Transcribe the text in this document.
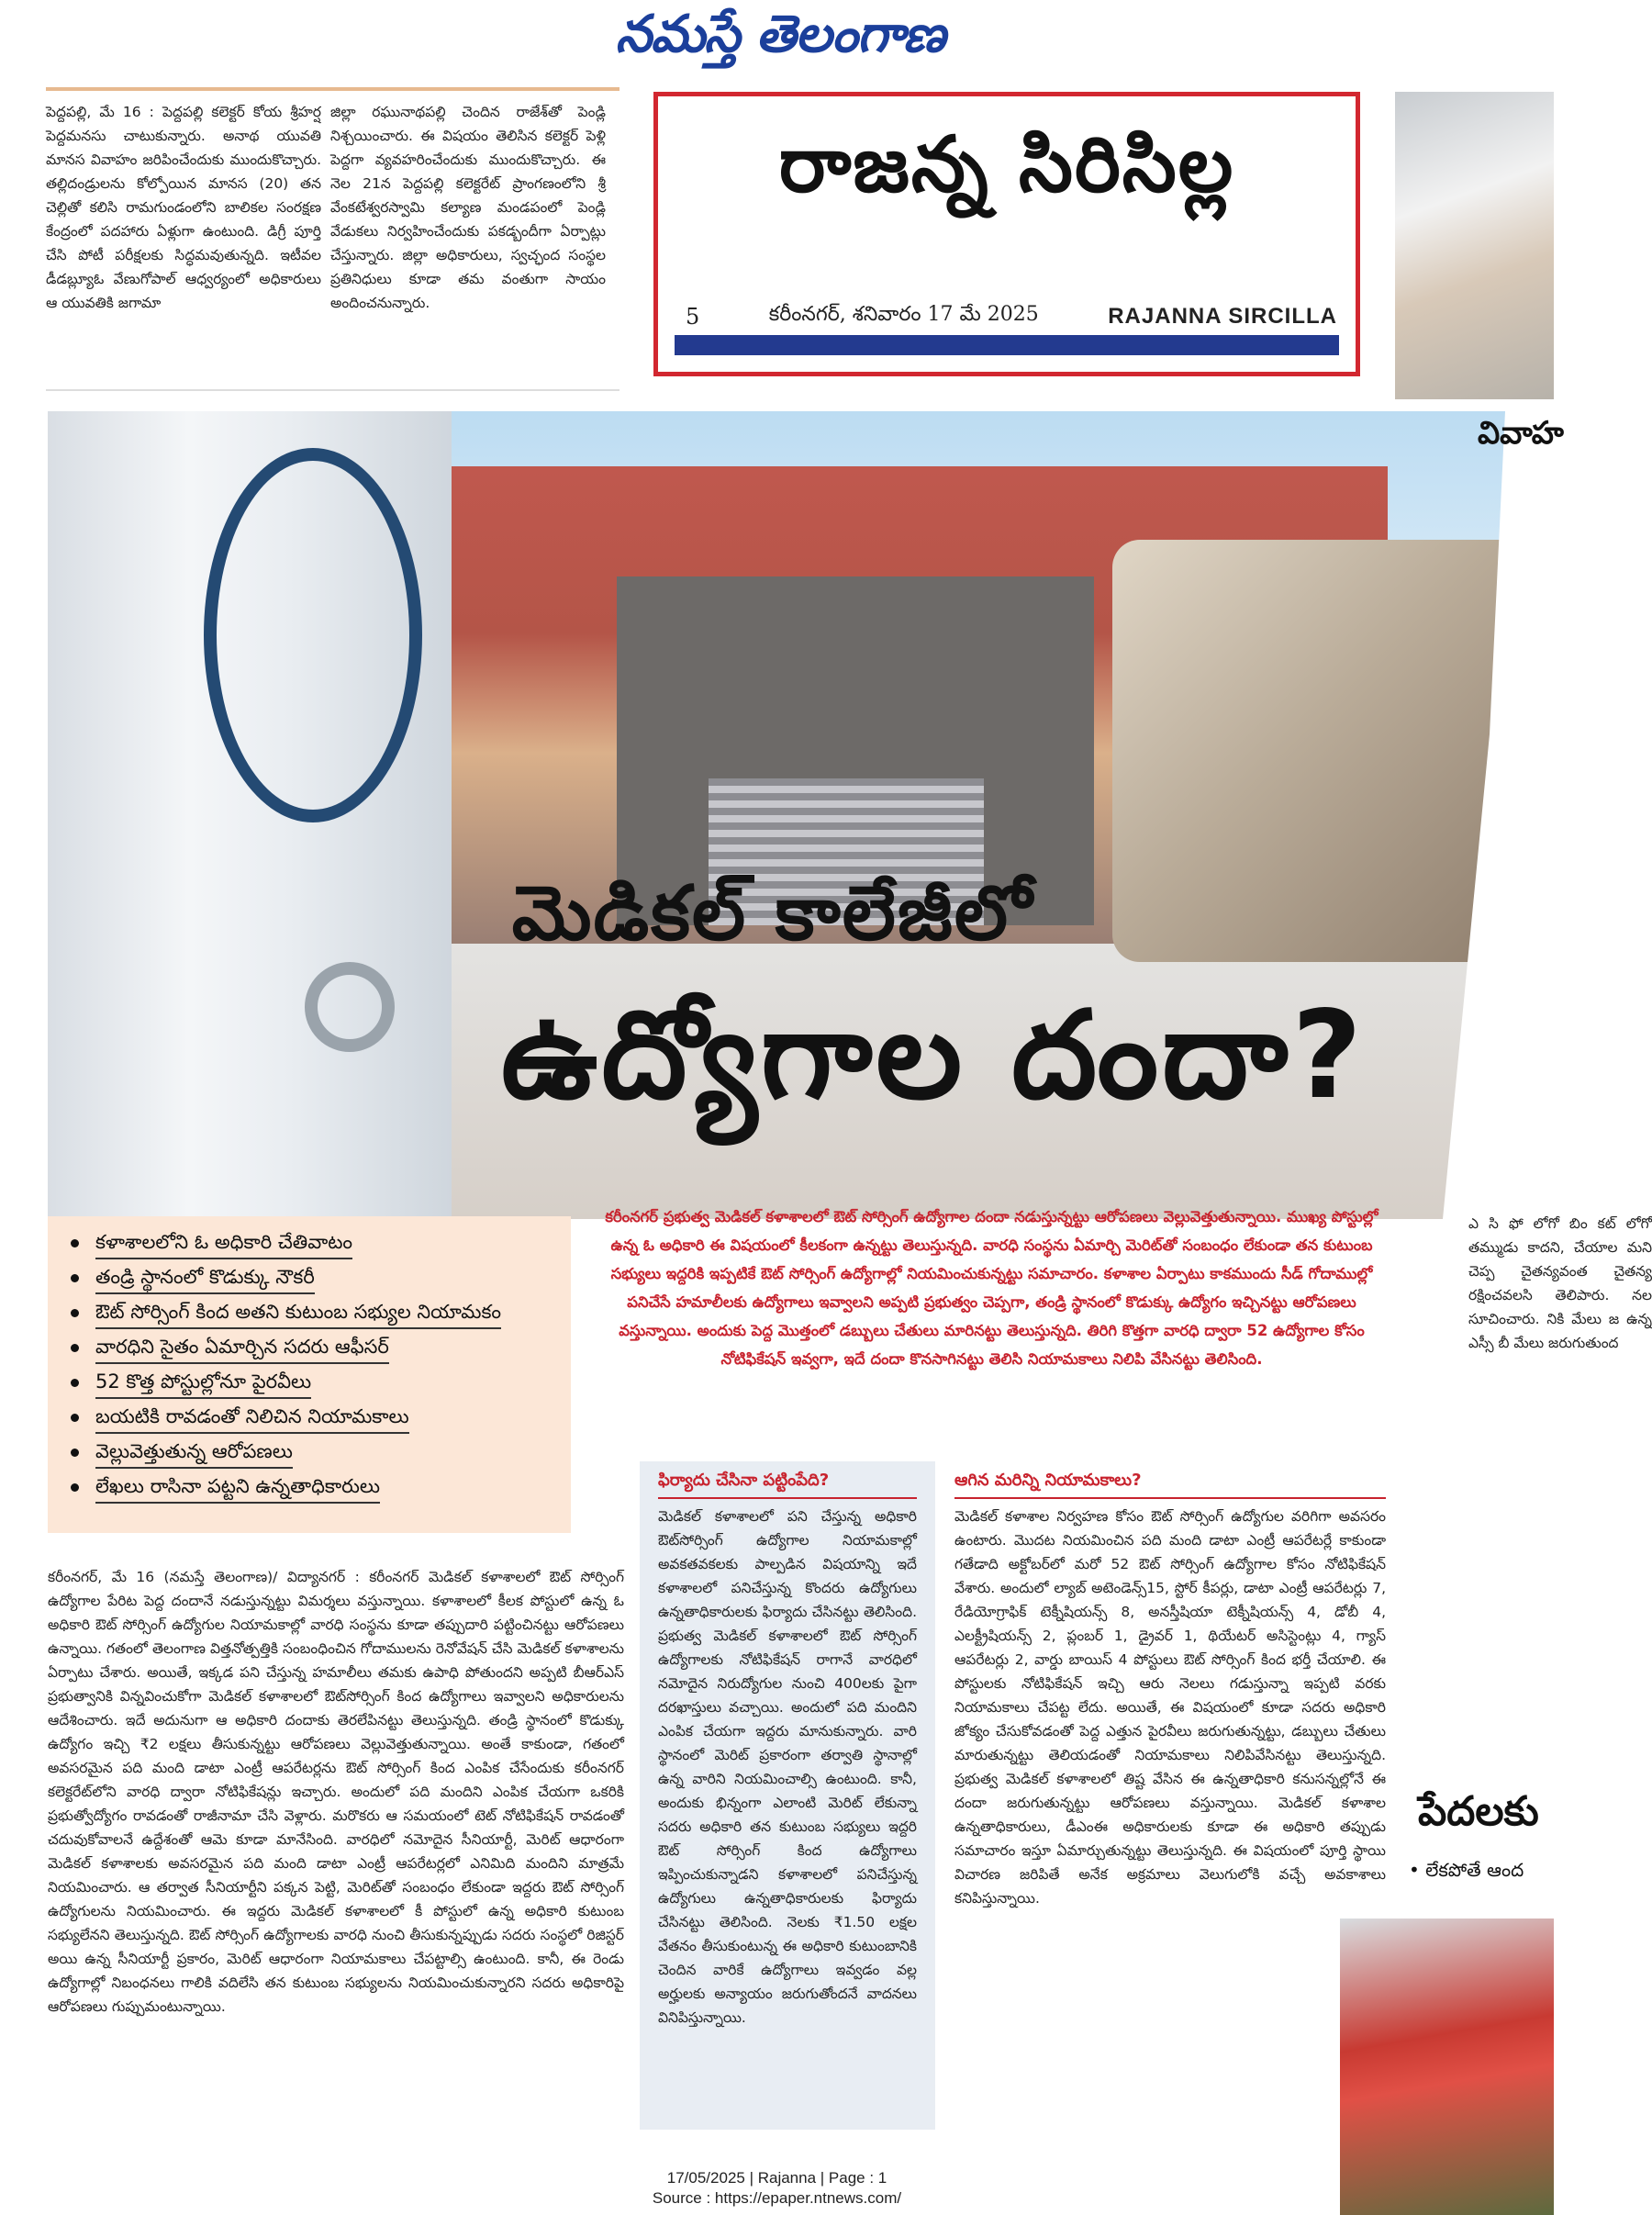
నమస్తే తెలంగాణ
పెద్దపల్లి, మే 16 : పెద్దపల్లి కలెక్టర్ కోయ శ్రీహర్ష పెద్దమనసు చాటుకున్నారు. అనాథ యువతి మానస వివాహం జరిపించేందుకు ముందుకొచ్చారు. తల్లిదండ్రులను కోల్పోయిన మానస (20) తన చెల్లితో కలిసి రామగుండంలోని బాలికల సంరక్షణ కేంద్రంలో పదహారు ఏళ్లుగా ఉంటుంది. డిగ్రీ పూర్తి చేసి పోటీ పరీక్షలకు సిద్ధమవుతున్నది. ఇటీవల డీడబ్ల్యూఓ వేణుగోపాల్ ఆధ్వర్యంలో అధికారులు ఆ యువతికి జగామా
జిల్లా రఘునాథపల్లి చెందిన రాజేశ్‌తో పెండ్లి నిశ్చయించారు. ఈ విషయం తెలిసిన కలెక్టర్ పెళ్లి పెద్దగా వ్యవహరించేందుకు ముందుకొచ్చారు. ఈ నెల 21న పెద్దపల్లి కలెక్టరేట్ ప్రాంగణంలోని శ్రీ వేంకటేశ్వరస్వామి కల్యాణ మండపంలో పెండ్లి వేడుకలు నిర్వహించేందుకు పకడ్బందీగా ఏర్పాట్లు చేస్తున్నారు. జిల్లా అధికారులు, స్వచ్ఛంద సంస్థల ప్రతినిధులు కూడా తమ వంతుగా సాయం అందించనున్నారు.
రాజన్న సిరిసిల్ల
5	కరీంనగర్, శనివారం 17 మే 2025	RAJANNA SIRCILLA
మెడికల్ కాలేజీలో
ఉద్యోగాల దందా?
వివాహ
కళాశాలలోని ఓ అధికారి చేతివాటం
తండ్రి స్థానంలో కొడుక్కు నౌకరీ
ఔట్ సోర్సింగ్ కింద అతని కుటుంబ సభ్యుల నియామకం
వారధిని సైతం ఏమార్చిన సదరు ఆఫీసర్
52 కొత్త పోస్టుల్లోనూ పైరవీలు
బయటికి రావడంతో నిలిచిన నియామకాలు
వెల్లువెత్తుతున్న ఆరోపణలు
లేఖలు రాసినా పట్టని ఉన్నతాధికారులు
కరీంనగర్ ప్రభుత్వ మెడికల్ కళాశాలలో ఔట్ సోర్సింగ్ ఉద్యోగాల దందా నడుస్తున్నట్టు ఆరోపణలు వెల్లువెత్తుతున్నాయి. ముఖ్య పోస్టుల్లో ఉన్న ఓ అధికారి ఈ విషయంలో కీలకంగా ఉన్నట్టు తెలుస్తున్నది. వారధి సంస్థను ఏమార్చి మెరిట్‌తో సంబంధం లేకుండా తన కుటుంబ సభ్యులు ఇద్దరికి ఇప్పటికే ఔట్ సోర్సింగ్ ఉద్యోగాల్లో నియమించుకున్నట్టు సమాచారం. కళాశాల ఏర్పాటు కాకముందు సీడ్ గోదాముల్లో పనిచేసే హమాలీలకు ఉద్యోగాలు ఇవ్వాలని అప్పటి ప్రభుత్వం చెప్పగా, తండ్రి స్థానంలో కొడుక్కు ఉద్యోగం ఇచ్చినట్టు ఆరోపణలు వస్తున్నాయి. అందుకు పెద్ద మొత్తంలో డబ్బులు చేతులు మారినట్టు తెలుస్తున్నది. తిరిగి కొత్తగా వారధి ద్వారా 52 ఉద్యోగాల కోసం నోటిఫికేషన్ ఇవ్వగా, ఇదే దందా కొనసాగినట్టు తెలిసి నియామకాలు నిలిపి వేసినట్టు తెలిసింది.
కరీంనగర్, మే 16 (నమస్తే తెలంగాణ)/ విద్యానగర్ : కరీంనగర్ మెడికల్ కళాశాలలో ఔట్ సోర్సింగ్ ఉద్యోగాల పేరిట పెద్ద దందానే నడుస్తున్నట్టు విమర్శలు వస్తున్నాయి. కళాశాలలో కీలక పోస్టులో ఉన్న ఓ అధికారి ఔట్ సోర్సింగ్ ఉద్యోగుల నియామకాల్లో వారధి సంస్థను కూడా తప్పుదారి పట్టించినట్టు ఆరోపణలు ఉన్నాయి. గతంలో తెలంగాణ విత్తనోత్పత్తికి సంబంధించిన గోదాములను రెనోవేషన్ చేసి మెడికల్ కళాశాలను ఏర్పాటు చేశారు. అయితే, ఇక్కడ పని చేస్తున్న హమాలీలు తమకు ఉపాధి పోతుందని అప్పటి బీఆర్ఎస్ ప్రభుత్వానికి విన్నవించుకోగా మెడికల్ కళాశాలలో ఔట్‌సోర్సింగ్ కింద ఉద్యోగాలు ఇవ్వాలని అధికారులను ఆదేశించారు. ఇదే అదునుగా ఆ అధికారి దందాకు తెరలేపినట్టు తెలుస్తున్నది. తండ్రి స్థానంలో కొడుక్కు ఉద్యోగం ఇచ్చి ₹2 లక్షలు తీసుకున్నట్టు ఆరోపణలు వెల్లువెత్తుతున్నాయి. అంతే కాకుండా, గతంలో అవసరమైన పది మంది డాటా ఎంట్రీ ఆపరేటర్లను ఔట్ సోర్సింగ్ కింద ఎంపిక చేసేందుకు కరీంనగర్ కలెక్టరేట్‌లోని వారధి ద్వారా నోటిఫికేషన్లు ఇచ్చారు. అందులో పది మందిని ఎంపిక చేయగా ఒకరికి ప్రభుత్వోద్యోగం రావడంతో రాజీనామా చేసి వెళ్లారు. మరొకరు ఆ సమయంలో టెట్ నోటిఫికేషన్ రావడంతో చదువుకోవాలనే ఉద్దేశంతో ఆమె కూడా మానేసింది. వారధిలో నమోదైన సీనియార్టీ, మెరిట్ ఆధారంగా మెడికల్ కళాశాలకు అవసరమైన పది మంది డాటా ఎంట్రీ ఆపరేటర్లలో ఎనిమిది మందిని మాత్రమే నియమించారు. ఆ తర్వాత సీనియార్టీని పక్కన పెట్టి, మెరిట్‌తో సంబంధం లేకుండా ఇద్దరు ఔట్ సోర్సింగ్ ఉద్యోగులను నియమించారు. ఈ ఇద్దరు మెడికల్ కళాశాలలో కీ పోస్టులో ఉన్న అధికారి కుటుంబ సభ్యులేనని తెలుస్తున్నది. ఔట్ సోర్సింగ్ ఉద్యోగాలకు వారధి నుంచి తీసుకున్నప్పుడు సదరు సంస్థలో రిజిస్టర్ అయి ఉన్న సీనియార్టీ ప్రకారం, మెరిట్ ఆధారంగా నియామకాలు చేపట్టాల్సి ఉంటుంది. కానీ, ఈ రెండు ఉద్యోగాల్లో నిబంధనలు గాలికి వదిలేసి తన కుటుంబ సభ్యులను నియమించుకున్నారని సదరు అధికారిపై ఆరోపణలు గుప్పుమంటున్నాయి.
ఫిర్యాదు చేసినా పట్టింపేది?
మెడికల్ కళాశాలలో పని చేస్తున్న అధికారి ఔట్‌సోర్సింగ్ ఉద్యోగాల నియామకాల్లో అవకతవకలకు పాల్పడిన విషయాన్ని ఇదే కళాశాలలో పనిచేస్తున్న కొందరు ఉద్యోగులు ఉన్నతాధికారులకు ఫిర్యాదు చేసినట్టు తెలిసింది. ప్రభుత్వ మెడికల్ కళాశాలలో ఔట్ సోర్సింగ్ ఉద్యోగాలకు నోటిఫికేషన్ రాగానే వారధిలో నమోదైన నిరుద్యోగుల నుంచి 400లకు పైగా దరఖాస్తులు వచ్చాయి. అందులో పది మందిని ఎంపిక చేయగా ఇద్దరు మానుకున్నారు. వారి స్థానంలో మెరిట్ ప్రకారంగా తర్వాతి స్థానాల్లో ఉన్న వారిని నియమించాల్సి ఉంటుంది. కానీ, అందుకు భిన్నంగా ఎలాంటి మెరిట్ లేకున్నా సదరు అధికారి తన కుటుంబ సభ్యులు ఇద్దరి ఔట్ సోర్సింగ్ కింద ఉద్యోగాలు ఇప్పించుకున్నాడని కళాశాలలో పనిచేస్తున్న ఉద్యోగులు ఉన్నతాధికారులకు ఫిర్యాదు చేసినట్టు తెలిసింది. నెలకు ₹1.50 లక్షల వేతనం తీసుకుంటున్న ఈ అధికారి కుటుంబానికి చెందిన వారికే ఉద్యోగాలు ఇవ్వడం వల్ల అర్హులకు అన్యాయం జరుగుతోందనే వాదనలు వినిపిస్తున్నాయి.
ఆగిన మరిన్ని నియామకాలు?
మెడికల్ కళాశాల నిర్వహణ కోసం ఔట్ సోర్సింగ్ ఉద్యోగుల వరిగిగా అవసరం ఉంటారు. మొదట నియమించిన పది మంది డాటా ఎంట్రీ ఆపరేటర్లే కాకుండా గతేడాది అక్టోబర్‌లో మరో 52 ఔట్ సోర్సింగ్ ఉద్యోగాల కోసం నోటిఫికేషన్ వేశారు. అందులో ల్యాబ్ అటెండెన్స్15, స్టోర్ కీపర్లు, డాటా ఎంట్రీ ఆపరేటర్లు 7, రేడియోగ్రాఫిక్ టెక్నీషియన్స్ 8, అనస్తీషియా టెక్నీషియన్స్ 4, డోబీ 4, ఎలక్ట్రీషియన్స్ 2, ప్లంబర్ 1, డ్రైవర్ 1, థియేటర్ అసిస్టెంట్లు 4, గ్యాస్ ఆపరేటర్లు 2, వార్డు బాయిస్ 4 పోస్టులు ఔట్ సోర్సింగ్ కింద భర్తీ చేయాలి. ఈ పోస్టులకు నోటిఫికేషన్ ఇచ్చి ఆరు నెలలు గడుస్తున్నా ఇప్పటి వరకు నియామకాలు చేపట్ట లేదు. అయితే, ఈ విషయంలో కూడా సదరు అధికారి జోక్యం చేసుకోవడంతో పెద్ద ఎత్తున పైరవీలు జరుగుతున్నట్టు, డబ్బులు చేతులు మారుతున్నట్టు తెలియడంతో నియామకాలు నిలిపివేసినట్టు తెలుస్తున్నది. ప్రభుత్వ మెడికల్ కళాశాలలో తిష్ట వేసిన ఈ ఉన్నతాధికారి కనుసన్నల్లోనే ఈ దందా జరుగుతున్నట్టు ఆరోపణలు వస్తున్నాయి. మెడికల్ కళాశాల ఉన్నతాధికారులు, డీఎంఈ అధికారులకు కూడా ఈ అధికారి తప్పుడు సమాచారం ఇస్తూ ఏమార్చుతున్నట్టు తెలుస్తున్నది. ఈ విషయంలో పూర్తి స్థాయి విచారణ జరిపితే అనేక అక్రమాలు వెలుగులోకి వచ్చే అవకాశాలు కనిపిస్తున్నాయి.
ఎ సి ఫో లోగో బిం కట్ లోగో తమ్ముడు కాదని, చేయాల మని చెప్ప చైతన్యవంత చైతన్య రక్షించవలసి తెలిపారు. నల సూచించారు. నికి మేలు జ ఉన్న ఎస్సీ బీ మేలు జరుగుతుంద
పేదలకు
• లేకపోతే ఆంద
17/05/2025 | Rajanna | Page : 1
Source : https://epaper.ntnews.com/
